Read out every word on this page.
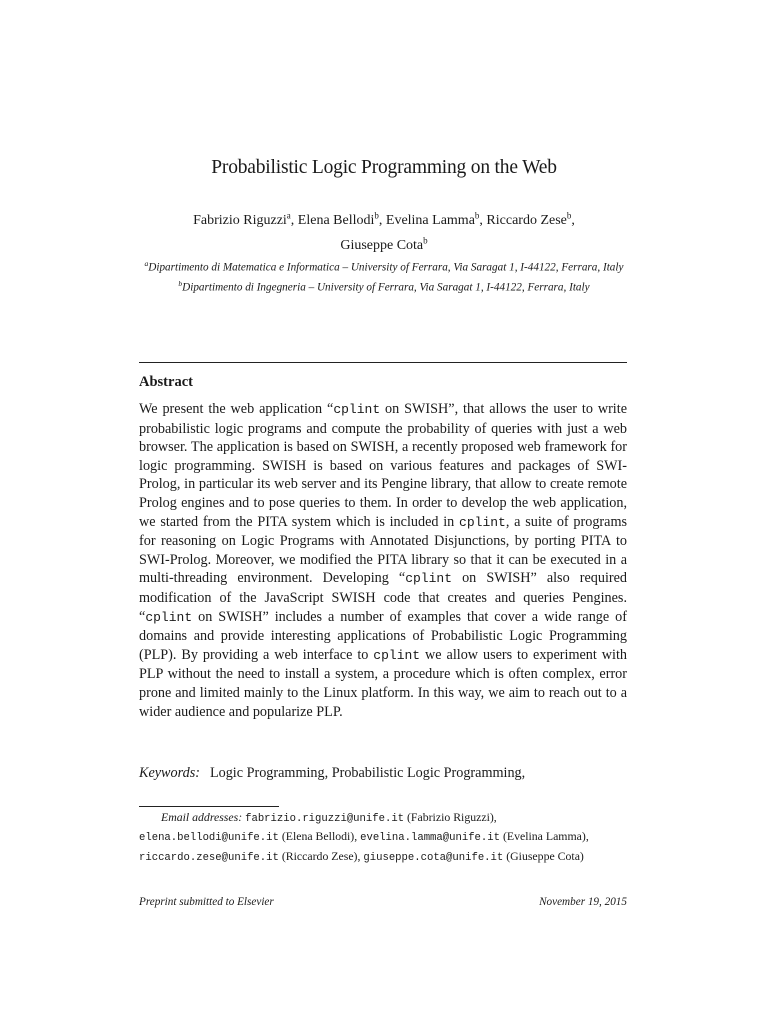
Probabilistic Logic Programming on the Web
Fabrizio Riguzzi$^a$, Elena Bellodi$^b$, Evelina Lamma$^b$, Riccardo Zese$^b$,
Giuseppe Cota$^b$
$^a$Dipartimento di Matematica e Informatica – University of Ferrara, Via Saragat 1, I-44122, Ferrara, Italy
$^b$Dipartimento di Ingegneria – University of Ferrara, Via Saragat 1, I-44122, Ferrara, Italy
Abstract
We present the web application “cplint on SWISH”, that allows the user to write probabilistic logic programs and compute the probability of queries with just a web browser. The application is based on SWISH, a recently proposed web framework for logic programming. SWISH is based on various features and packages of SWI-Prolog, in particular its web server and its Pengine library, that allow to create remote Prolog engines and to pose queries to them. In order to develop the web application, we started from the PITA system which is included in cplint, a suite of programs for reasoning on Logic Programs with Annotated Disjunctions, by porting PITA to SWI-Prolog. Moreover, we modified the PITA library so that it can be executed in a multi-threading environment. Developing “cplint on SWISH” also required modification of the JavaScript SWISH code that creates and queries Pengines. “cplint on SWISH” includes a number of examples that cover a wide range of domains and provide interesting applications of Probabilistic Logic Programming (PLP). By providing a web interface to cplint we allow users to experiment with PLP without the need to install a system, a procedure which is often complex, error prone and limited mainly to the Linux platform. In this way, we aim to reach out to a wider audience and popularize PLP.
Keywords: Logic Programming, Probabilistic Logic Programming,
Email addresses: fabrizio.riguzzi@unife.it (Fabrizio Riguzzi),
elena.bellodi@unife.it (Elena Bellodi), evelina.lamma@unife.it (Evelina Lamma),
riccardo.zese@unife.it (Riccardo Zese), giuseppe.cota@unife.it (Giuseppe Cota)
Preprint submitted to Elsevier	November 19, 2015
